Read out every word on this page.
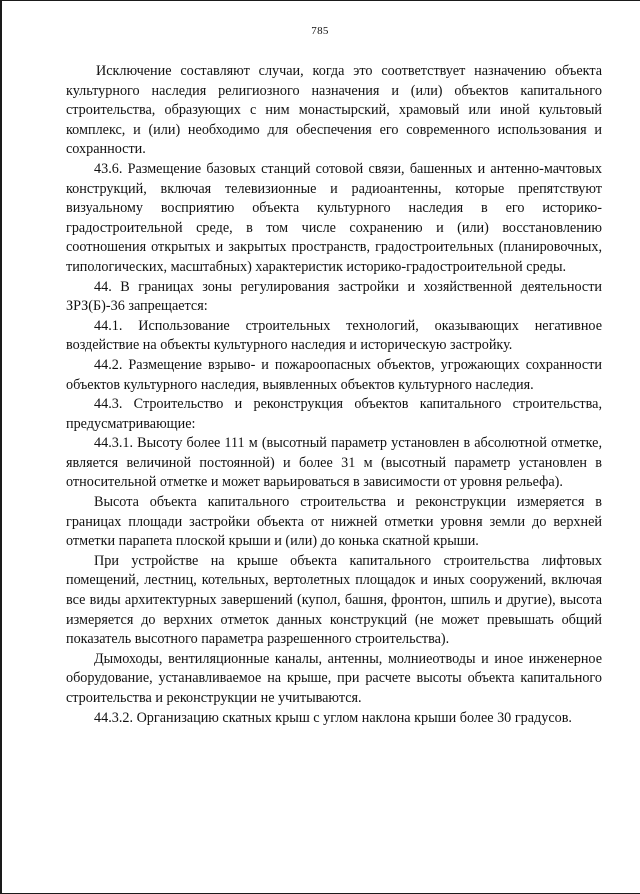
785

Исключение составляют случаи, когда это соответствует назначению объекта культурного наследия религиозного назначения и (или) объектов капитального строительства, образующих с ним монастырский, храмовый или иной культовый комплекс, и (или) необходимо для обеспечения его современного использования и сохранности.

43.6. Размещение базовых станций сотовой связи, башенных и антенно-мачтовых конструкций, включая телевизионные и радиоантенны, которые препятствуют визуальному восприятию объекта культурного наследия в его историко-градостроительной среде, в том числе сохранению и (или) восстановлению соотношения открытых и закрытых пространств, градостроительных (планировочных, типологических, масштабных) характеристик историко-градостроительной среды.

44. В границах зоны регулирования застройки и хозяйственной деятельности ЗРЗ(Б)-36 запрещается:

44.1. Использование строительных технологий, оказывающих негативное воздействие на объекты культурного наследия и историческую застройку.

44.2. Размещение взрыво- и пожароопасных объектов, угрожающих сохранности объектов культурного наследия, выявленных объектов культурного наследия.

44.3. Строительство и реконструкция объектов капитального строительства, предусматривающие:

44.3.1. Высоту более 111 м (высотный параметр установлен в абсолютной отметке, является величиной постоянной) и более 31 м (высотный параметр установлен в относительной отметке и может варьироваться в зависимости от уровня рельефа).

Высота объекта капитального строительства и реконструкции измеряется в границах площади застройки объекта от нижней отметки уровня земли до верхней отметки парапета плоской крыши и (или) до конька скатной крыши.

При устройстве на крыше объекта капитального строительства лифтовых помещений, лестниц, котельных, вертолетных площадок и иных сооружений, включая все виды архитектурных завершений (купол, башня, фронтон, шпиль и другие), высота измеряется до верхних отметок данных конструкций (не может превышать общий показатель высотного параметра разрешенного строительства).

Дымоходы, вентиляционные каналы, антенны, молниеотводы и иное инженерное оборудование, устанавливаемое на крыше, при расчете высоты объекта капитального строительства и реконструкции не учитываются.

44.3.2. Организацию скатных крыш с углом наклона крыши более 30 градусов.
